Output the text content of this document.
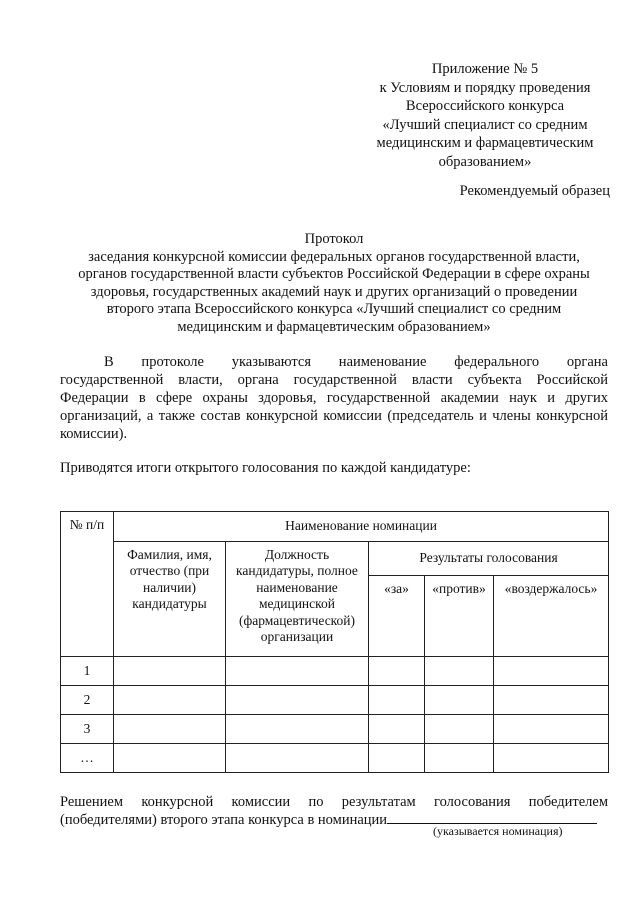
Приложение № 5
к Условиям и порядку проведения
Всероссийского конкурса
«Лучший специалист со средним
медицинским и фармацевтическим
образованием»
Рекомендуемый образец
Протокол
заседания конкурсной комиссии федеральных органов государственной власти,
органов государственной власти субъектов Российской Федерации в сфере охраны
здоровья, государственных академий наук и других организаций о проведении
второго этапа Всероссийского конкурса «Лучший специалист со средним
медицинским и фармацевтическим образованием»
В протоколе указываются наименование федерального органа
государственной власти, органа государственной власти субъекта Российской
Федерации в сфере охраны здоровья, государственной академии наук и других
организаций, а также состав конкурсной комиссии (председатель и члены конкурсной
комиссии).
Приводятся итоги открытого голосования по каждой кандидатуре:
№ п/п	Наименование номинации				
	Фамилия, имя, отчество (при наличии) кандидатуры	Должность кандидатуры, полное наименование медицинской (фармацевтической) организации	Результаты голосования		
			«за»	«против»	«воздержалось»
1					
2					
3					
…					
Решением конкурсной комиссии по результатам голосования победителем
(победителями) второго этапа конкурса в номинации
(указывается номинация)
